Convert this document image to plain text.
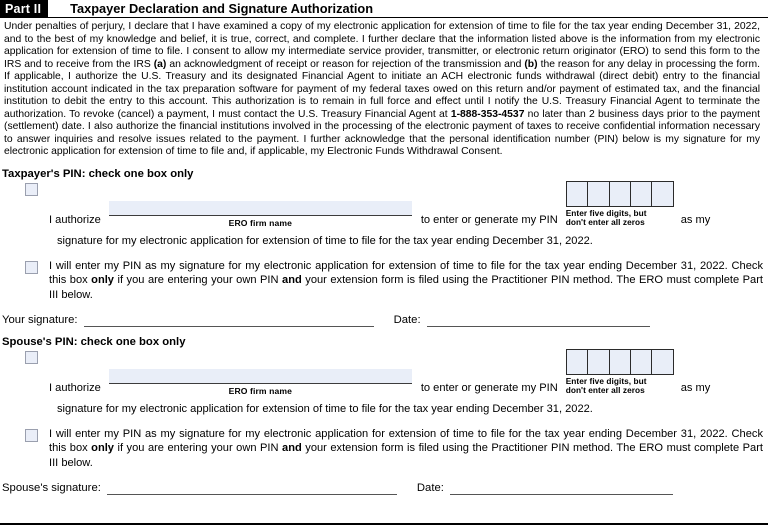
Part II	Taxpayer Declaration and Signature Authorization

Under penalties of perjury, I declare that I have examined a copy of my electronic application for extension of time to file for the tax year ending December 31, 2022, and to the best of my knowledge and belief, it is true, correct, and complete. I further declare that the information listed above is the information from my electronic application for extension of time to file. I consent to allow my intermediate service provider, transmitter, or electronic return originator (ERO) to send this form to the IRS and to receive from the IRS (a) an acknowledgment of receipt or reason for rejection of the transmission and (b) the reason for any delay in processing the form. If applicable, I authorize the U.S. Treasury and its designated Financial Agent to initiate an ACH electronic funds withdrawal (direct debit) entry to the financial institution account indicated in the tax preparation software for payment of my federal taxes owed on this return and/or payment of estimated tax, and the financial institution to debit the entry to this account. This authorization is to remain in full force and effect until I notify the U.S. Treasury Financial Agent to terminate the authorization. To revoke (cancel) a payment, I must contact the U.S. Treasury Financial Agent at 1-888-353-4537 no later than 2 business days prior to the payment (settlement) date. I also authorize the financial institutions involved in the processing of the electronic payment of taxes to receive confidential information necessary to answer inquiries and resolve issues related to the payment. I further acknowledge that the personal identification number (PIN) below is my signature for my electronic application for extension of time to file and, if applicable, my Electronic Funds Withdrawal Consent.

Taxpayer's PIN: check one box only
I authorize	ERO firm name	to enter or generate my PIN
Enter five digits, but
don't enter all zeros	as my
signature for my electronic application for extension of time to file for the tax year ending December 31, 2022.
I will enter my PIN as my signature for my electronic application for extension of time to file for the tax year ending December 31, 2022. Check this box only if you are entering your own PIN and your extension form is filed using the Practitioner PIN method. The ERO must complete Part III below.
Your signature:	Date:
Spouse's PIN: check one box only
I authorize	ERO firm name	to enter or generate my PIN
Enter five digits, but
don't enter all zeros	as my
signature for my electronic application for extension of time to file for the tax year ending December 31, 2022.
I will enter my PIN as my signature for my electronic application for extension of time to file for the tax year ending December 31, 2022. Check this box only if you are entering your own PIN and your extension form is filed using the Practitioner PIN method. The ERO must complete Part III below.
Spouse's signature:	Date:
